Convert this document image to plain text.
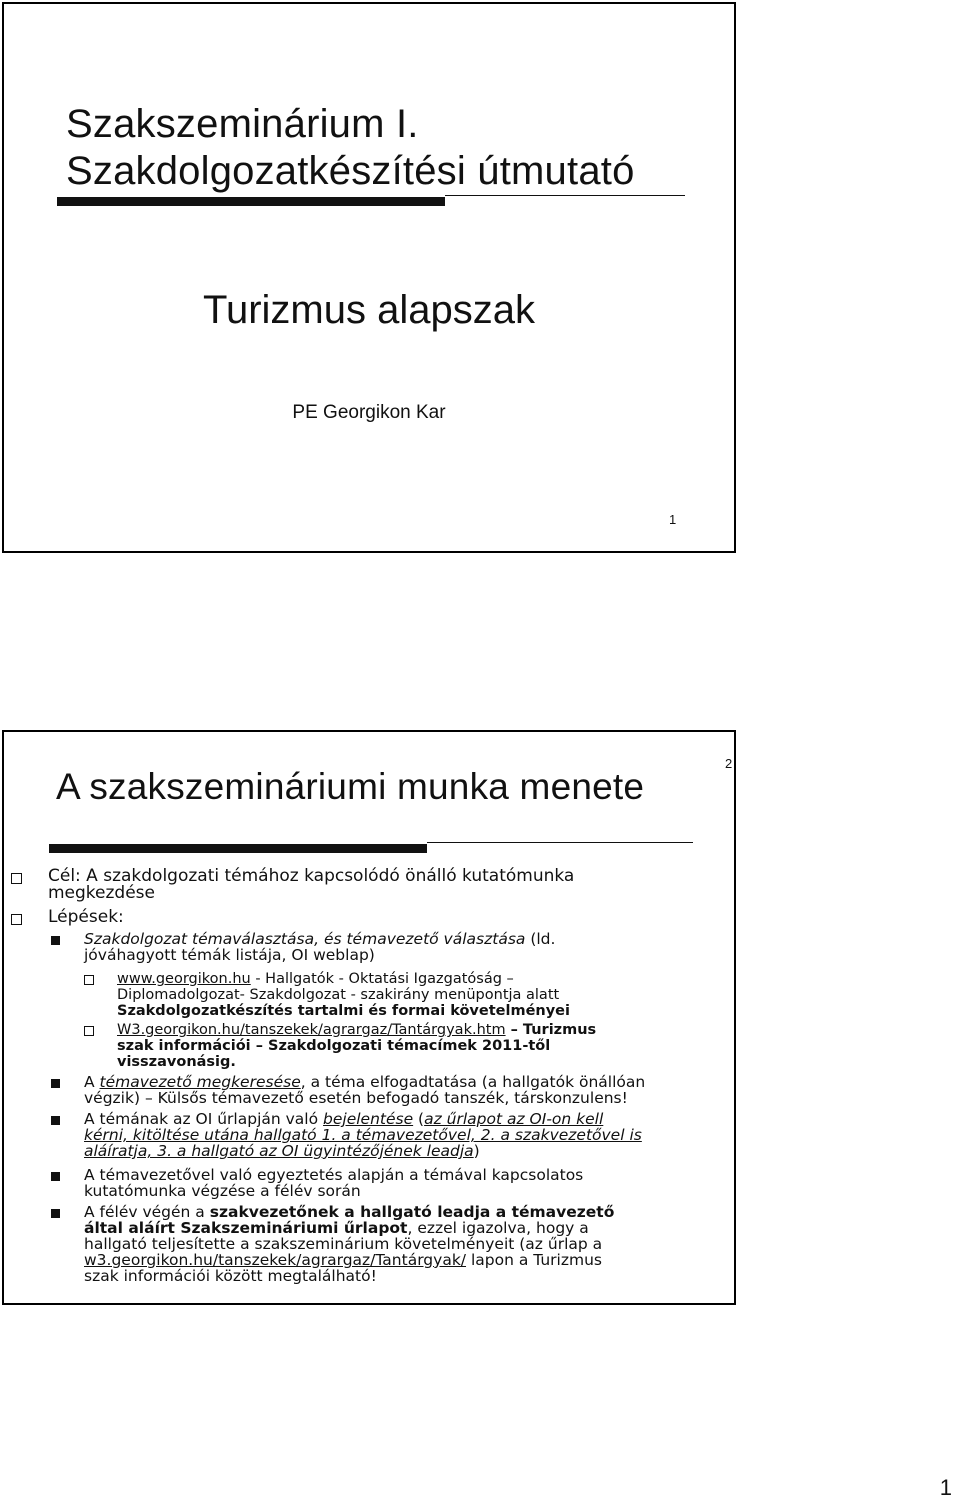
Szakszeminárium I.
Szakdolgozatkészítési útmutató
Turizmus alapszak
PE Georgikon Kar
1
2
A szakszemináriumi munka menete
Cél: A szakdolgozati témához kapcsolódó önálló kutatómunka
megkezdése
Lépések:
Szakdolgozat témaválasztása, és témavezető választása (ld.
jóváhagyott témák listája, OI weblap)
www.georgikon.hu - Hallgatók - Oktatási Igazgatóság –
Diplomadolgozat- Szakdolgozat - szakirány menüpontja alatt
Szakdolgozatkészítés tartalmi és formai követelményei
W3.georgikon.hu/tanszekek/agrargaz/Tantárgyak.htm – Turizmus
szak információi – Szakdolgozati témacímek 2011-től
visszavonásig.
A témavezető megkeresése, a téma elfogadtatása (a hallgatók önállóan
végzik) – Külsős témavezető esetén befogadó tanszék, társkonzulens!
A témának az OI űrlapján való bejelentése (az űrlapot az OI-on kell
kérni, kitöltése utána hallgató 1. a témavezetővel, 2. a szakvezetővel is
aláíratja, 3. a hallgató az OI ügyintézőjének leadja)
A témavezetővel való egyeztetés alapján a témával kapcsolatos
kutatómunka végzése a félév során
A félév végén a szakvezetőnek a hallgató leadja a témavezető
által aláírt Szakszemináriumi űrlapot, ezzel igazolva, hogy a
hallgató teljesítette a szakszeminárium követelményeit (az űrlap a
w3.georgikon.hu/tanszekek/agrargaz/Tantárgyak/ lapon a Turizmus
szak információi között megtalálható!
1
